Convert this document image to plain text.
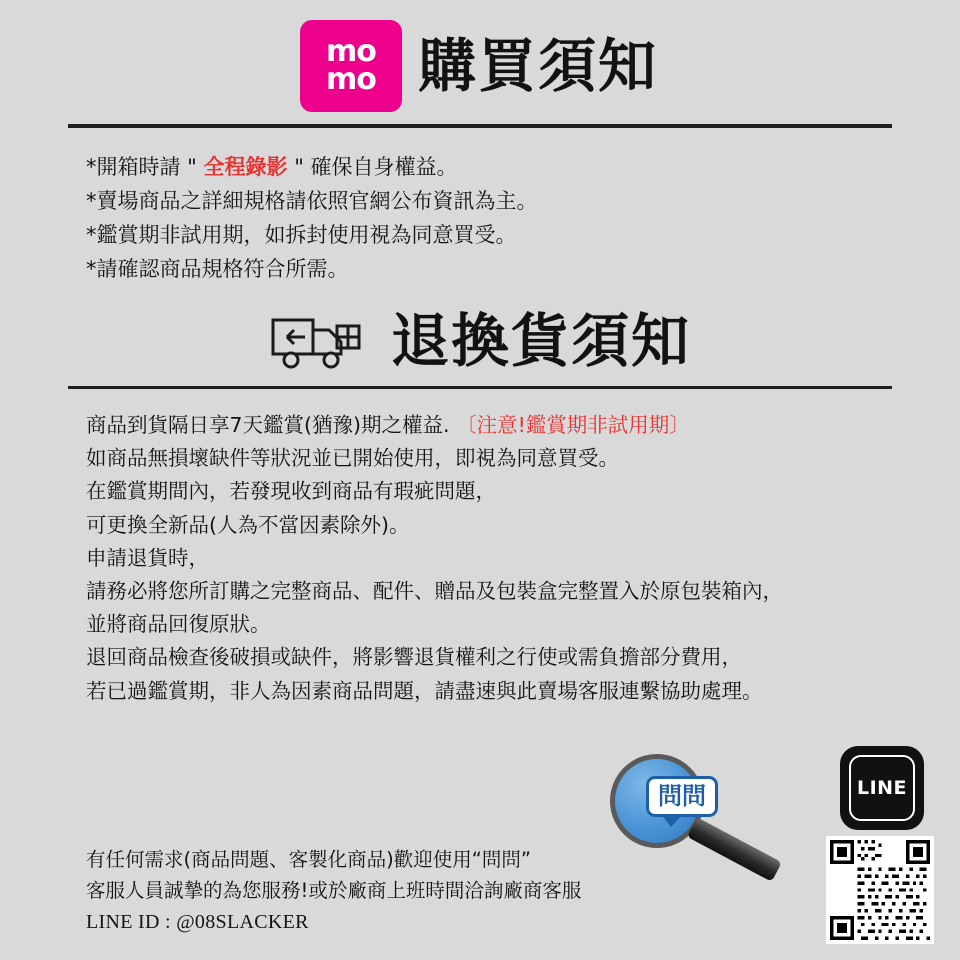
mo
mo 購買須知
*開箱時請 " 全程錄影 " 確保自身權益。
*賣場商品之詳細規格請依照官網公布資訊為主。
*鑑賞期非試用期，如拆封使用視為同意買受。
*請確認商品規格符合所需。
退換貨須知
商品到貨隔日享7天鑑賞(猶豫)期之權益. 〔注意!鑑賞期非試用期〕
如商品無損壞缺件等狀況並已開始使用，即視為同意買受。
在鑑賞期間內，若發現收到商品有瑕疵問題，
可更換全新品(人為不當因素除外)。
申請退貨時，
請務必將您所訂購之完整商品、配件、贈品及包裝盒完整置入於原包裝箱內，
並將商品回復原狀。
退回商品檢查後破損或缺件，將影響退貨權利之行使或需負擔部分費用，
若已過鑑賞期，非人為因素商品問題，請盡速與此賣場客服連繫協助處理。
問問
有任何需求(商品問題、客製化商品)歡迎使用“問問”
客服人員誠摯的為您服務!或於廠商上班時間洽詢廠商客服
LINE ID : @08SLACKER
LINE
